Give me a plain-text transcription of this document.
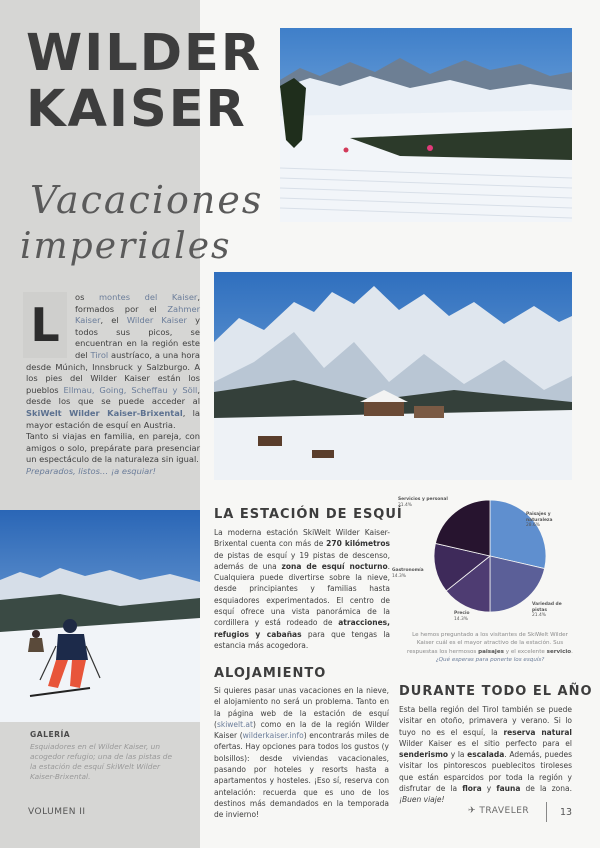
WILDER
KAISER
Vacaciones
imperiales
L
os montes del Kaiser, formados por el Zahmer Kaiser, el Wilder Kaiser y todos sus picos, se encuentran en la región este del Tirol austríaco, a una hora desde Múnich, Innsbruck y Salzburgo. A los pies del Wilder Kaiser están los pueblos Ellmau, Going, Scheffau y Söll, desde los que se puede acceder al SkiWelt Wilder Kaiser-Brixental, la mayor estación de esquí en Austria.
Tanto si viajas en familia, en pareja, con amigos o solo, prepárate para presenciar un espectáculo de la naturaleza sin igual.
Preparados, listos… ¡a esquiar!
GALERÍA
Esquiadores en el Wilder Kaiser, un acogedor refugio; una de las pistas de la estación de esquí SkiWelt Wilder Kaiser-Brixental.
VOLUMEN II
LA ESTACIÓN DE ESQUÍ
La moderna estación SkiWelt Wilder Kaiser-Brixental cuenta con más de 270 kilómetros de pistas de esquí y 19 pistas de descenso, además de una zona de esquí nocturno. Cualquiera puede divertirse sobre la nieve, desde principiantes y familias hasta esquiadores experimentados. El centro de esquí ofrece una vista panorámica de la cordillera y está rodeado de atracciones, refugios y cabañas para que tengas la estancia más acogedora.
Servicios y personal
21.4%
Paisajes y naturaleza
28.6%
Gastronomía
14.3%
Variedad de pistas
21.4%
Precio
14.3%
Le hemos preguntado a los visitantes de SkiWelt Wilder Kaiser cuál es el mayor atractivo de la estación. Sus respuestas los hermosos paisajes y el excelente servicio. ¿Qué esperas para ponerte los esquís?
ALOJAMIENTO
Si quieres pasar unas vacaciones en la nieve, el alojamiento no será un problema. Tanto en la página web de la estación de esquí (skiwelt.at) como en la de la región Wilder Kaiser (wilderkaiser.info) encontrarás miles de ofertas. Hay opciones para todos los gustos (y bolsillos): desde viviendas vacacionales, pasando por hoteles y resorts hasta a apartamentos y hosteles. ¡Eso sí, reserva con antelación: recuerda que es uno de los destinos más demandados en la temporada de invierno!
DURANTE TODO EL AÑO
Esta bella región del Tirol también se puede visitar en otoño, primavera y verano. Si lo tuyo no es el esquí, la reserva natural Wilder Kaiser es el sitio perfecto para el senderismo y la escalada. Además, puedes visitar los pintorescos pueblecitos tiroleses que están esparcidos por toda la región y disfrutar de la flora y fauna de la zona. ¡Buen viaje!
✈ TRAVELER	13
